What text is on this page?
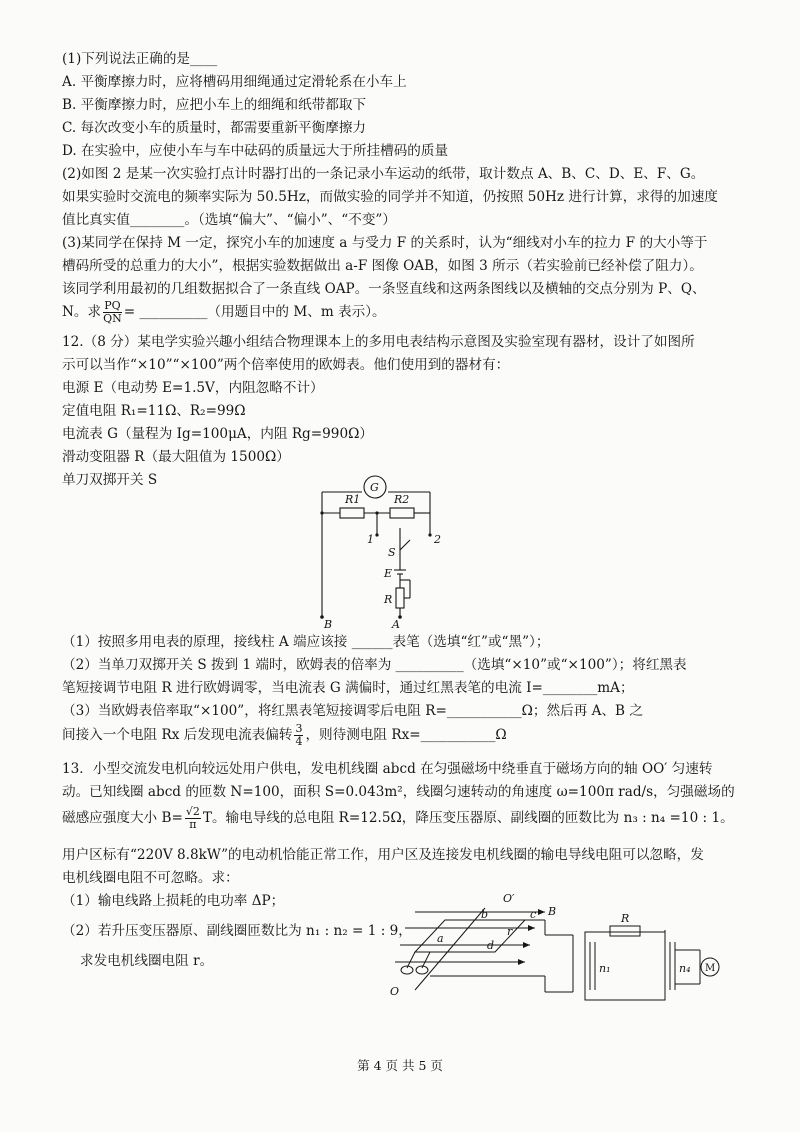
(1)下列说法正确的是____
A. 平衡摩擦力时，应将槽码用细绳通过定滑轮系在小车上
B. 平衡摩擦力时，应把小车上的细绳和纸带都取下
C. 每次改变小车的质量时，都需要重新平衡摩擦力
D. 在实验中，应使小车与车中砝码的质量远大于所挂槽码的质量
(2)如图 2 是某一次实验打点计时器打出的一条记录小车运动的纸带，取计数点 A、B、C、D、E、F、G。
如果实验时交流电的频率实际为 50.5Hz，而做实验的同学并不知道，仍按照 50Hz 进行计算，求得的加速度
值比真实值________。（选填“偏大”、“偏小”、“不变”）
(3)某同学在保持 M 一定，探究小车的加速度 a 与受力 F 的关系时，认为“细线对小车的拉力 F 的大小等于
槽码所受的总重力的大小”，根据实验数据做出 a-F 图像 OAB，如图 3 所示（若实验前已经补偿了阻力）。
该同学利用最初的几组数据拟合了一条直线 OAP。一条竖直线和这两条图线以及横轴的交点分别为 P、Q、
N。求 $\frac{PQ}{QN}$ = __________（用题目中的 M、m 表示）。
12.（8 分）某电学实验兴趣小组结合物理课本上的多用电表结构示意图及实验室现有器材，设计了如图所
示可以当作“×10”“×100”两个倍率使用的欧姆表。他们使用到的器材有：
电源 E（电动势 E=1.5V，内阻忽略不计）
定值电阻 R₁=11Ω、R₂=99Ω
电流表 G（量程为 Ig=100μA，内阻 Rg=990Ω）
滑动变阻器 R（最大阻值为 1500Ω）
单刀双掷开关 S	G
R1	R2
1	2
S
E
R
B	A
（1）按照多用电表的原理，接线柱 A 端应该接 ______表笔（选填“红”或“黑”）；
（2）当单刀双掷开关 S 拨到 1 端时，欧姆表的倍率为 __________（选填“×10”或“×100”）；将红黑表
笔短接调节电阻 R 进行欧姆调零，当电流表 G 满偏时，通过红黑表笔的电流 I=________mA；
（3）当欧姆表倍率取“×100”，将红黑表笔短接调零后电阻 R=___________Ω；然后再 A、B 之
间接入一个电阻 Rx 后发现电流表偏转 $\frac{3}{4}$ ，则待测电阻 Rx=___________Ω
13．小型交流发电机向较远处用户供电，发电机线圈 abcd 在匀强磁场中绕垂直于磁场方向的轴 OO′ 匀速转
动。已知线圈 abcd 的匝数 N=100，面积 S=0.043m²，线圈匀速转动的角速度 ω=100π rad/s，匀强磁场的
磁感应强度大小 $B= \frac{√2}{\pi}$ T。输电导线的总电阻 R=12.5Ω，降压变压器原、副线圈的匝数比为 n₃ : n₄ =10 : 1。
用户区标有“220V 8.8kW”的电动机恰能正常工作，用户区及连接发电机线圈的输电导线电阻可以忽略，发
电机线圈电阻不可忽略。求：
（1）输电线路上损耗的电功率 ΔP；
（2）若升压变压器原、副线圈匝数比为 n₁ : n₂ = 1 : 9，
求发电机线圈电阻 r。
O′
b	c B
a
d
r
O
R
n₁	n₄ M
第 4 页 共 5 页
